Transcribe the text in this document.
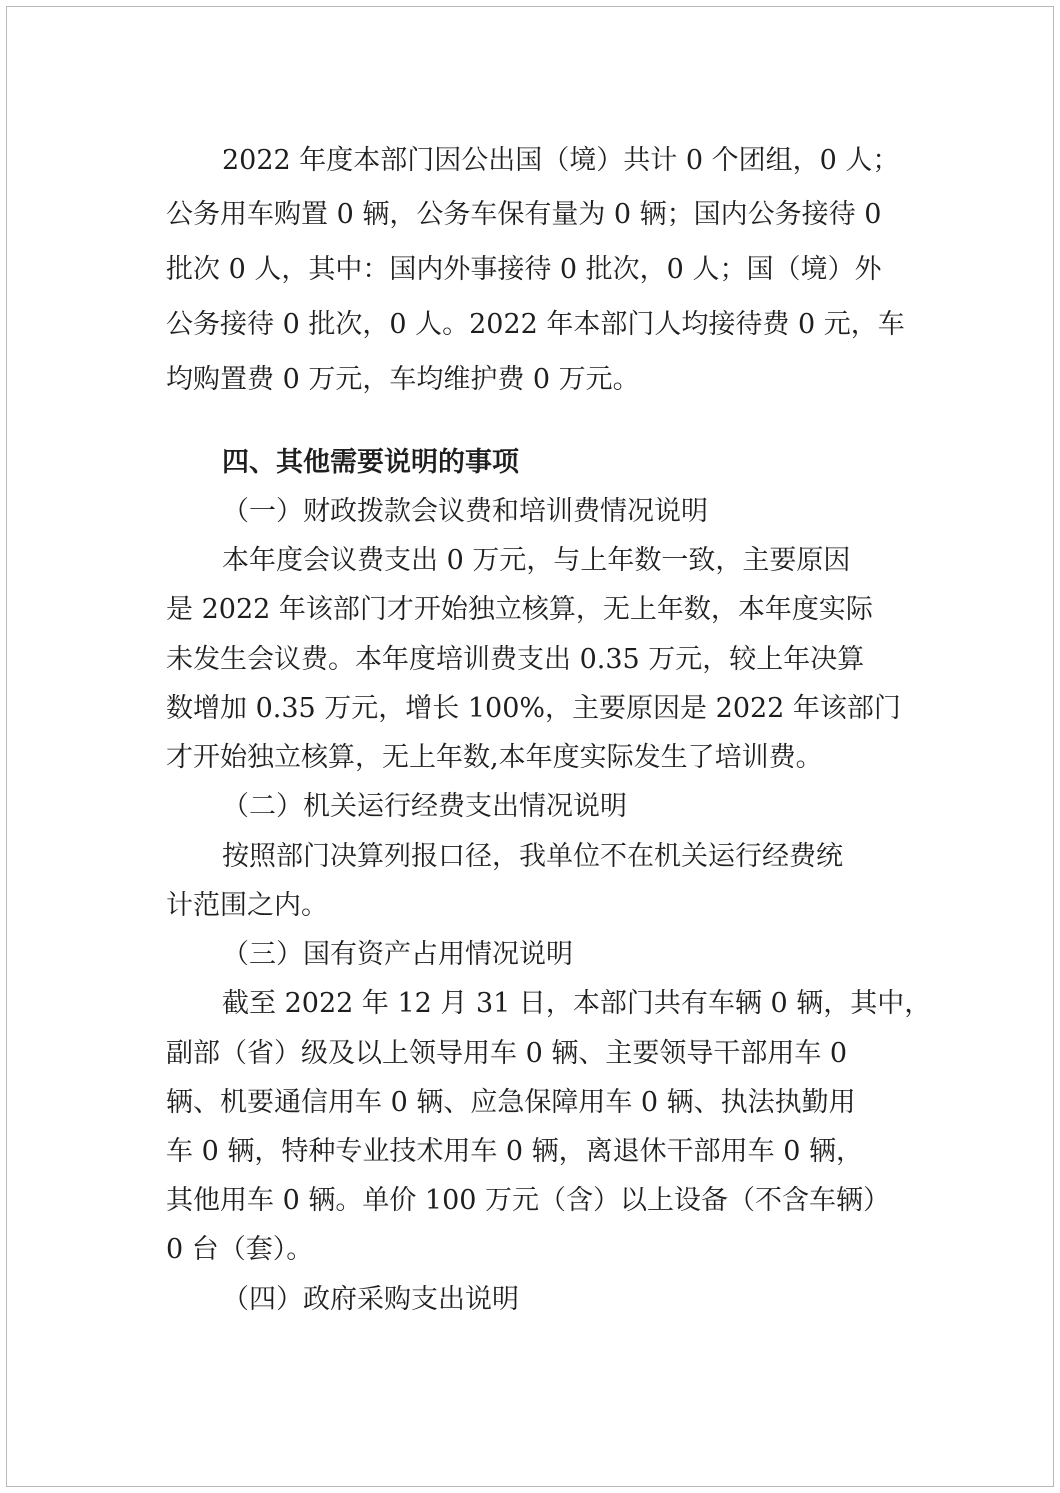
2022 年度本部门因公出国（境）共计 0 个团组，0 人；
公务用车购置 0 辆，公务车保有量为 0 辆；国内公务接待 0
批次 0 人，其中：国内外事接待 0 批次，0 人；国（境）外
公务接待 0 批次，0 人。2022 年本部门人均接待费 0 元，车
均购置费 0 万元，车均维护费 0 万元。
四、其他需要说明的事项
（一）财政拨款会议费和培训费情况说明
本年度会议费支出 0 万元，与上年数一致，主要原因
是 2022 年该部门才开始独立核算，无上年数，本年度实际
未发生会议费。本年度培训费支出 0.35 万元，较上年决算
数增加 0.35 万元，增长 100%，主要原因是 2022 年该部门
才开始独立核算，无上年数,本年度实际发生了培训费。
（二）机关运行经费支出情况说明
按照部门决算列报口径，我单位不在机关运行经费统
计范围之内。
（三）国有资产占用情况说明
截至 2022 年 12 月 31 日，本部门共有车辆 0 辆，其中，
副部（省）级及以上领导用车 0 辆、主要领导干部用车 0
辆、机要通信用车 0 辆、应急保障用车 0 辆、执法执勤用
车 0 辆，特种专业技术用车 0 辆，离退休干部用车 0 辆，
其他用车 0 辆。单价 100 万元（含）以上设备（不含车辆）
0 台（套）。
（四）政府采购支出说明
